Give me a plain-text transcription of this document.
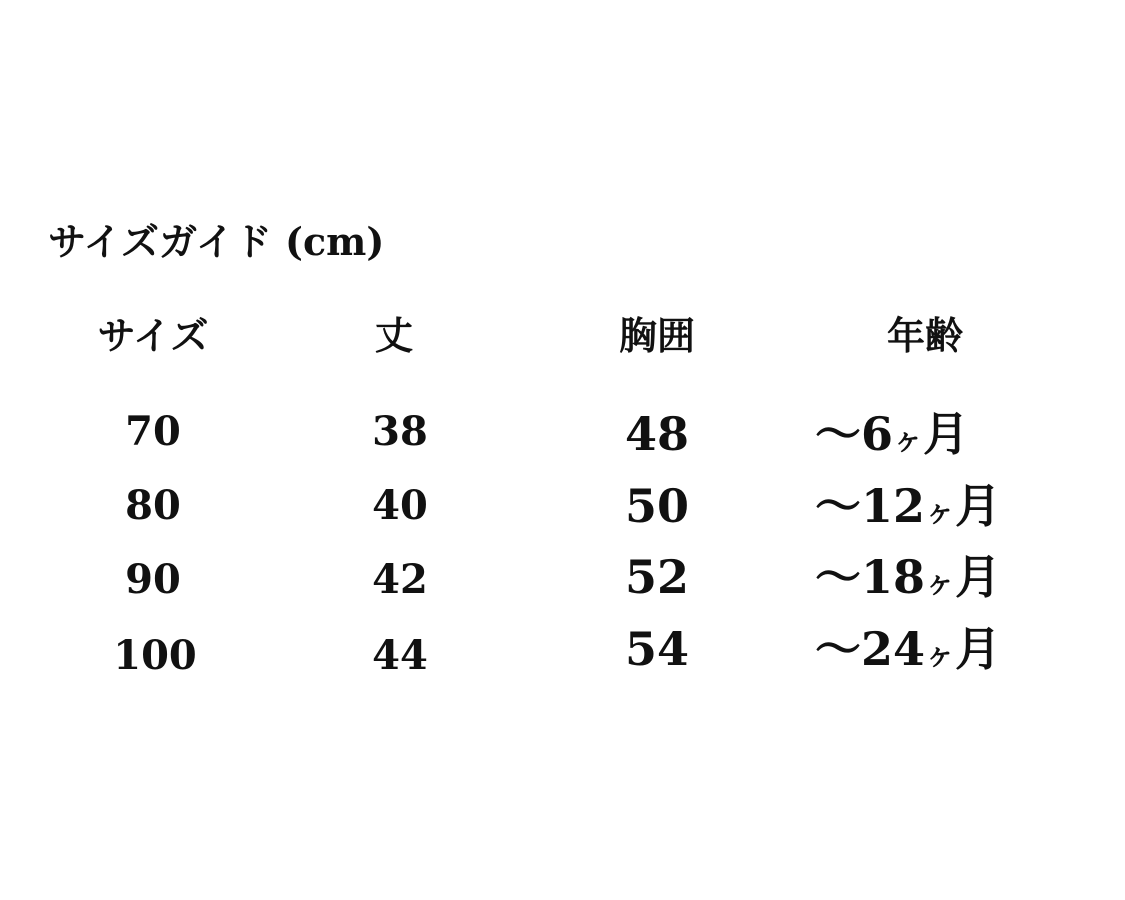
サイズガイド (cm)
サイズ	丈	胸囲	年齢
70	38	48	～6ヶ月
80	40	50	～12ヶ月
90	42	52	～18ヶ月
100	44	54	～24ヶ月
